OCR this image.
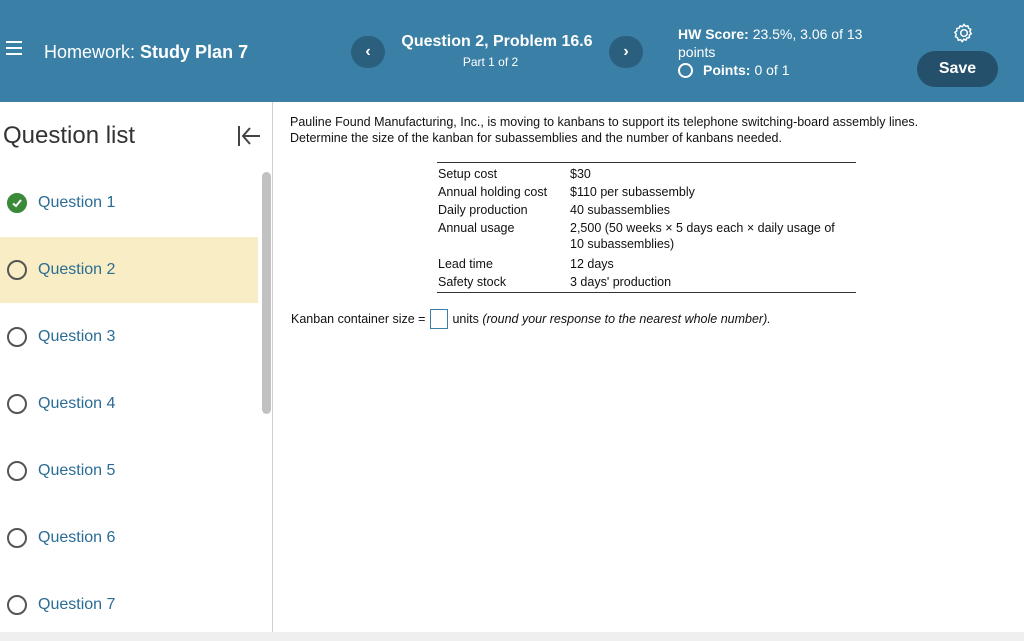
Homework: Study Plan 7	‹
Question 2, Problem 16.6
Part 1 of 2
›
HW Score: 23.5%, 3.06 of 13
points
Points: 0 of 1	Save
Question list
Question 1
Question 2
Question 3
Question 4
Question 5
Question 6
Question 7
Pauline Found Manufacturing, Inc., is moving to kanbans to support its telephone switching-board assembly lines.
Determine the size of the kanban for subassemblies and the number of kanbans needed.
Setup cost	$30
Annual holding cost	$110 per subassembly
Daily production	40 subassemblies
Annual usage	2,500 (50 weeks × 5 days each × daily usage of
10 subassemblies)

Lead time	12 days
Safety stock	3 days' production
Kanban container size = units
(round your response to the nearest whole number).
